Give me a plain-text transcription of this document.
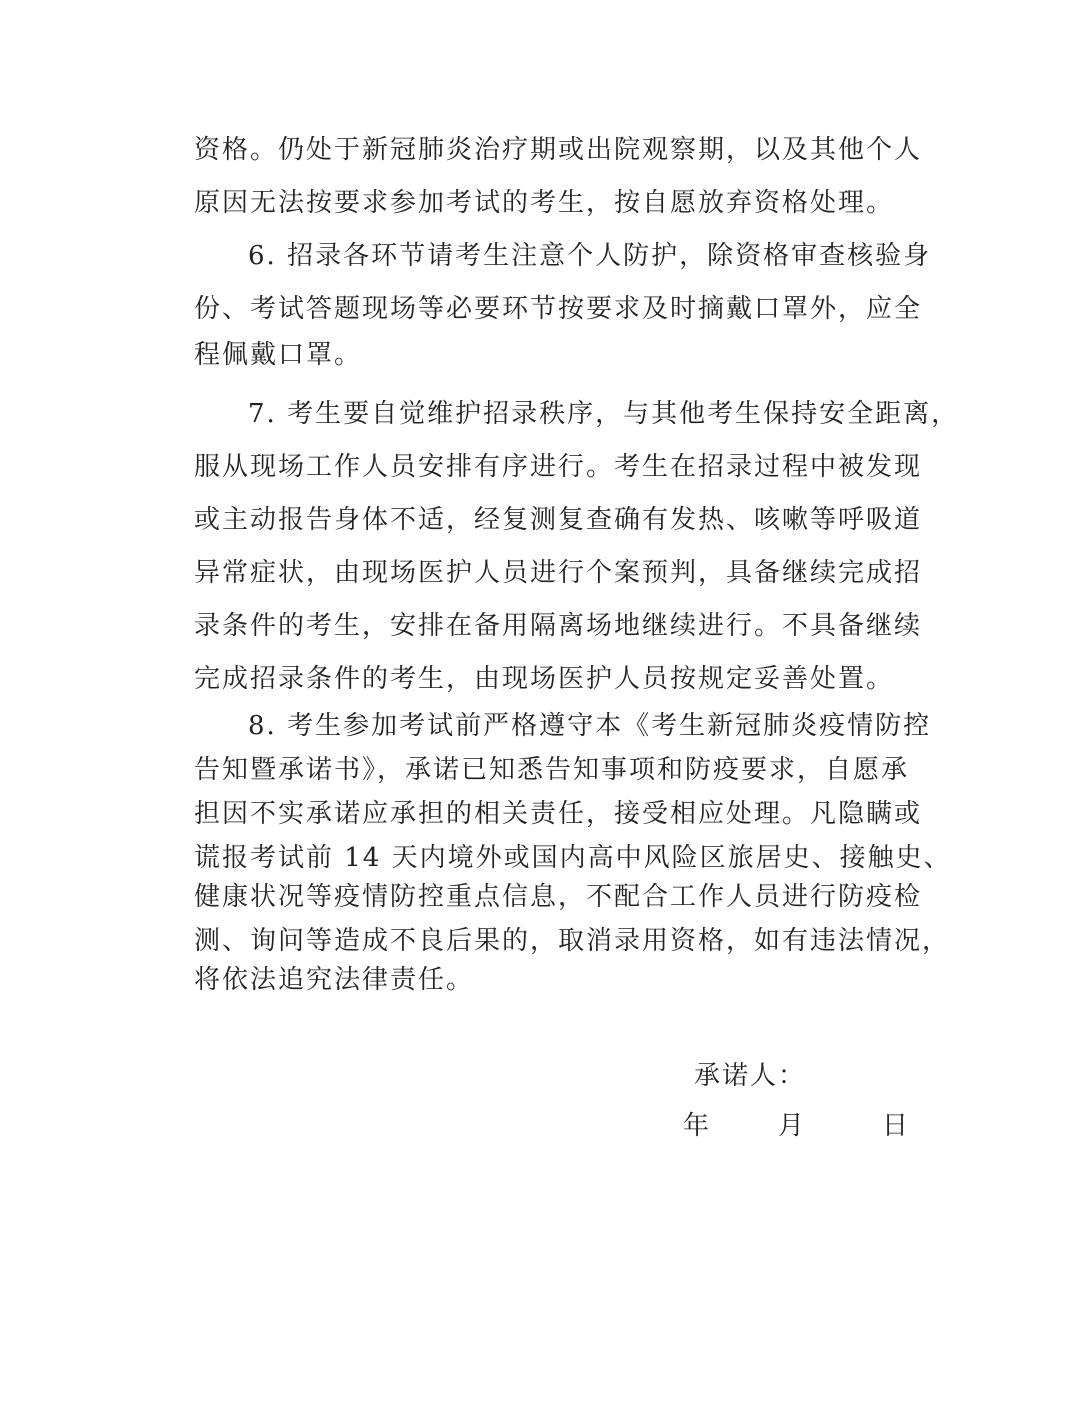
资格。仍处于新冠肺炎治疗期或出院观察期，以及其他个人

原因无法按要求参加考试的考生，按自愿放弃资格处理。

6. 招录各环节请考生注意个人防护，除资格审查核验身

份、考试答题现场等必要环节按要求及时摘戴口罩外，应全

程佩戴口罩。

7. 考生要自觉维护招录秩序，与其他考生保持安全距离，

服从现场工作人员安排有序进行。考生在招录过程中被发现

或主动报告身体不适，经复测复查确有发热、咳嗽等呼吸道

异常症状，由现场医护人员进行个案预判，具备继续完成招

录条件的考生，安排在备用隔离场地继续进行。不具备继续

完成招录条件的考生，由现场医护人员按规定妥善处置。

8. 考生参加考试前严格遵守本《考生新冠肺炎疫情防控

告知暨承诺书》，承诺已知悉告知事项和防疫要求，自愿承

担因不实承诺应承担的相关责任，接受相应处理。凡隐瞒或

谎报考试前 14 天内境外或国内高中风险区旅居史、接触史、

健康状况等疫情防控重点信息，不配合工作人员进行防疫检

测、询问等造成不良后果的，取消录用资格，如有违法情况，

将依法追究法律责任。

承诺人：
年	月	日
